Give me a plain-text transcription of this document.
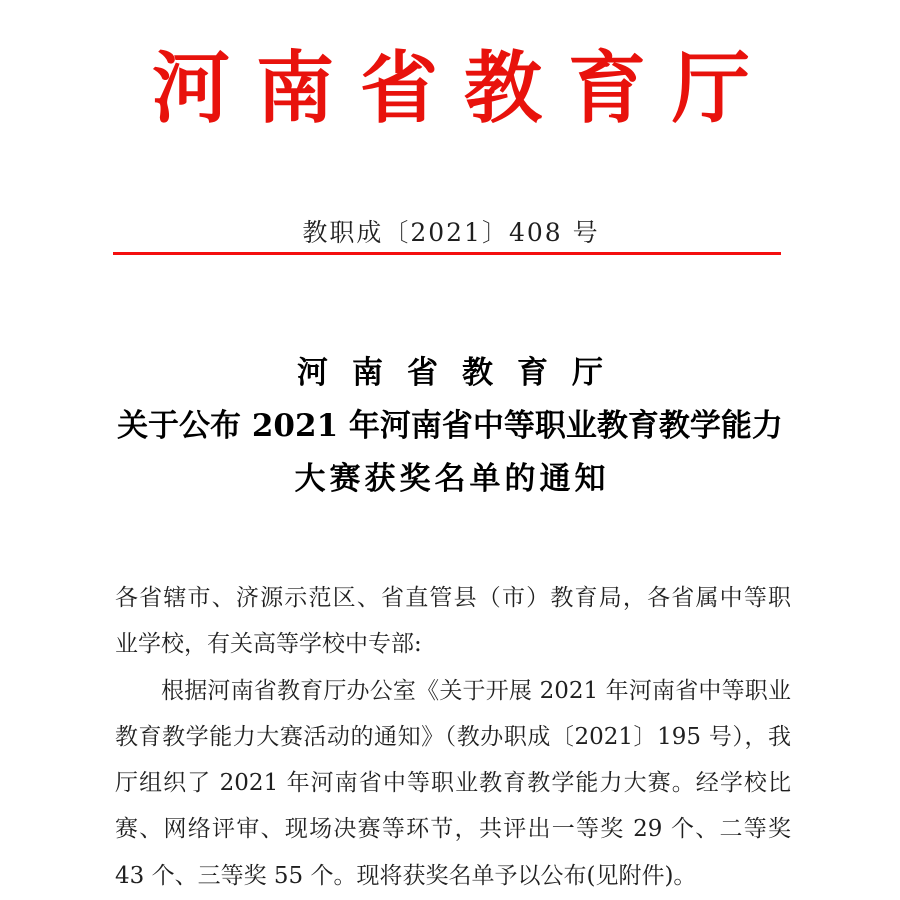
河南省教育厅
教职成〔2021〕408 号
河南省教育厅
关于公布 2021 年河南省中等职业教育教学能力
大赛获奖名单的通知
各省辖市、济源示范区、省直管县（市）教育局，各省属中等职
业学校，有关高等学校中专部:
根据河南省教育厅办公室《关于开展 2021 年河南省中等职业
教育教学能力大赛活动的通知》（教办职成〔2021〕195 号），我
厅组织了 2021 年河南省中等职业教育教学能力大赛。经学校比
赛、网络评审、现场决赛等环节，共评出一等奖 29 个、二等奖
43 个、三等奖 55 个。现将获奖名单予以公布(见附件)。
